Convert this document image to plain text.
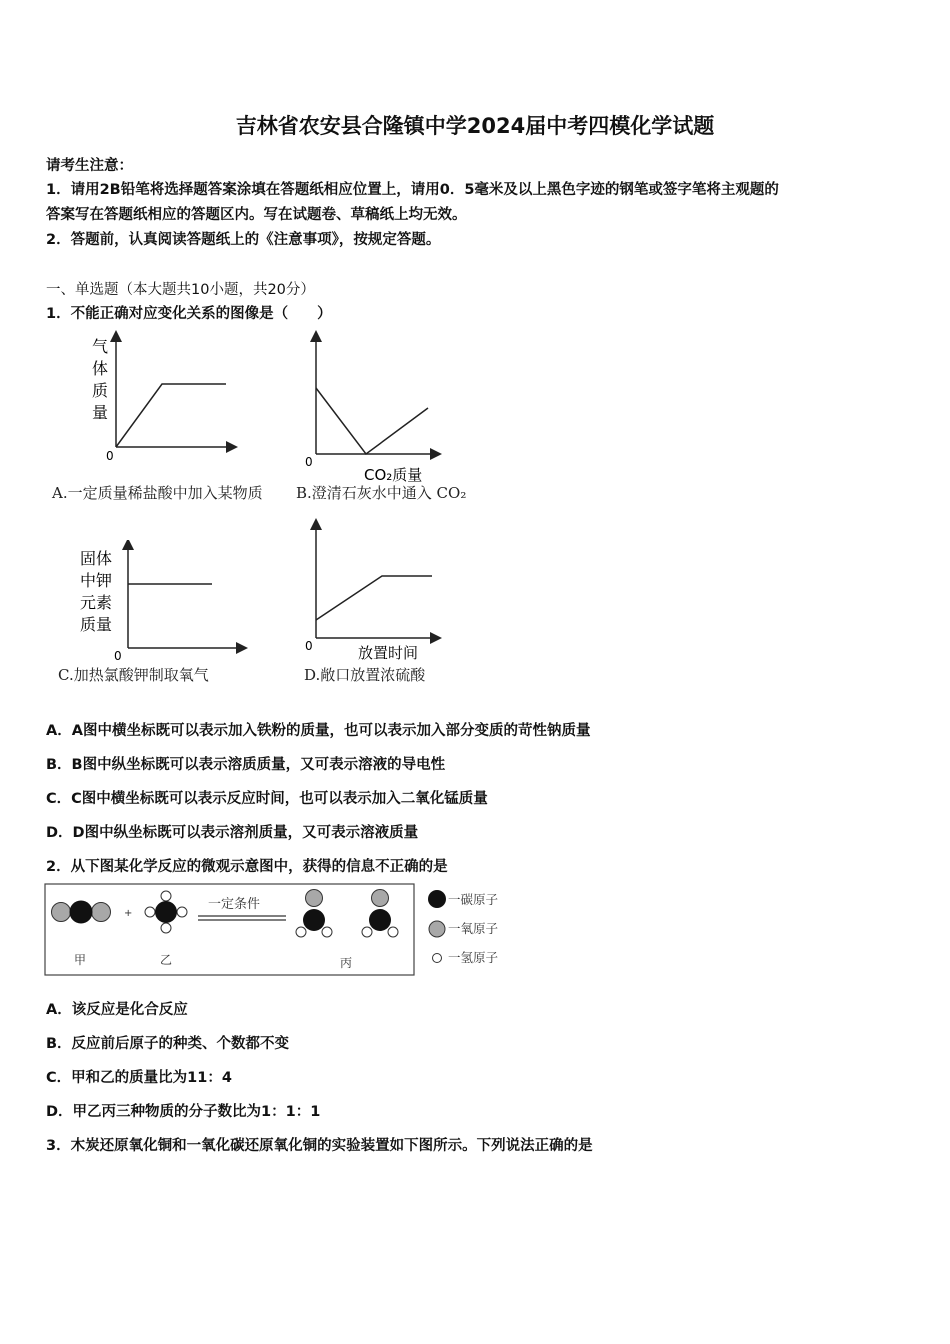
吉林省农安县合隆镇中学2024届中考四模化学试题
请考生注意：
1．请用2B铅笔将选择题答案涂填在答题纸相应位置上，请用0．5毫米及以上黑色字迹的钢笔或签字笔将主观题的
答案写在答题纸相应的答题区内。写在试题卷、草稿纸上均无效。
2．答题前，认真阅读答题纸上的《注意事项》，按规定答题。
一、单选题（本大题共10小题，共20分）
1．不能正确对应变化关系的图像是（　　）
0
气
体
质
量
A.一定质量稀盐酸中加入某物质
0
CO₂质量
B.澄清石灰水中通入 CO₂
0
固体
中钾
元素
质量
C.加热氯酸钾制取氧气
0	放置时间
D.敞口放置浓硫酸
A．A图中横坐标既可以表示加入铁粉的质量，也可以表示加入部分变质的苛性钠质量
B．B图中纵坐标既可以表示溶质质量，又可表示溶液的导电性
C．C图中横坐标既可以表示反应时间，也可以表示加入二氧化锰质量
D．D图中纵坐标既可以表示溶剂质量，又可表示溶液质量
2．从下图某化学反应的微观示意图中，获得的信息不正确的是
+
一定条件
甲	乙	丙
一碳原子
一氧原子
一氢原子
A．该反应是化合反应
B．反应前后原子的种类、个数都不变
C．甲和乙的质量比为11：4
D．甲乙丙三种物质的分子数比为1：1：1
3．木炭还原氧化铜和一氧化碳还原氧化铜的实验装置如下图所示。下列说法正确的是
